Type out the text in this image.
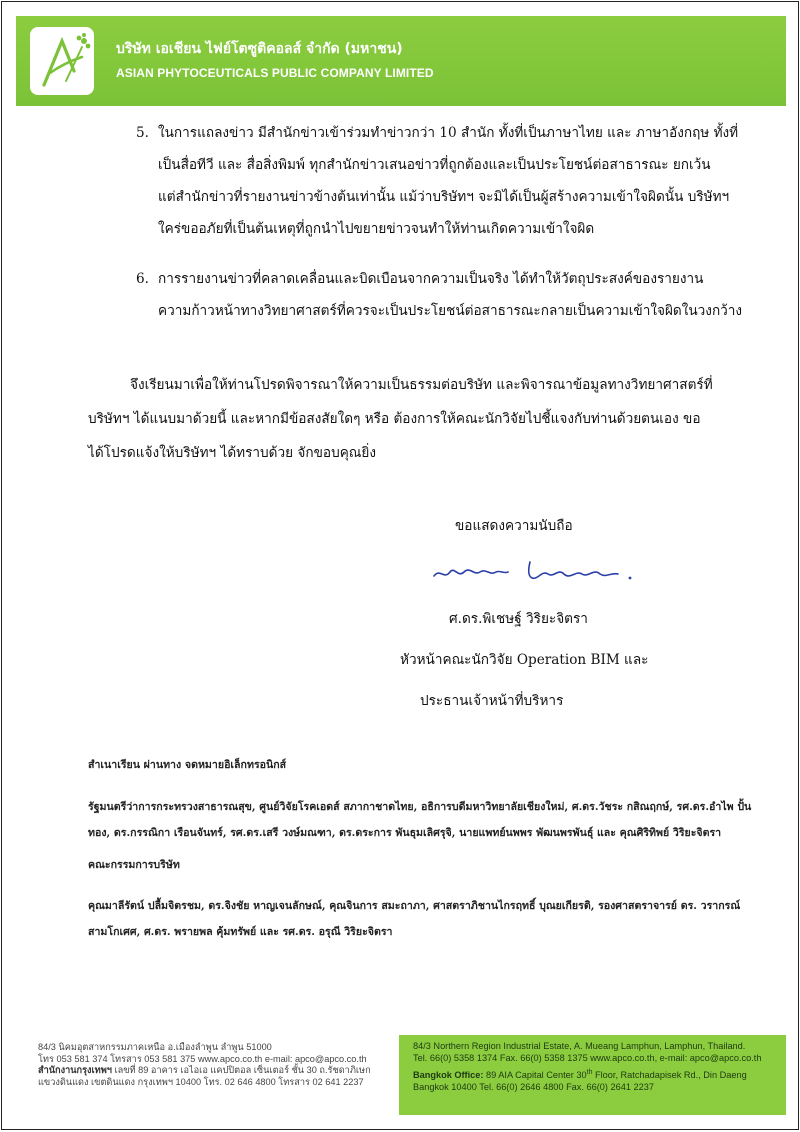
บริษัท เอเชียน ไฟย์โตซูติคอลส์ จำกัด (มหาชน)
ASIAN PHYTOCEUTICALS PUBLIC COMPANY LIMITED
5. ในการแถลงข่าว มีสำนักข่าวเข้าร่วมทำข่าวกว่า 10 สำนัก ทั้งที่เป็นภาษาไทย และ ภาษาอังกฤษ ทั้งที่
เป็นสื่อทีวี และ สื่อสิ่งพิมพ์ ทุกสำนักข่าวเสนอข่าวที่ถูกต้องและเป็นประโยชน์ต่อสาธารณะ ยกเว้น
แต่สำนักข่าวที่รายงานข่าวข้างต้นเท่านั้น แม้ว่าบริษัทฯ จะมิได้เป็นผู้สร้างความเข้าใจผิดนั้น บริษัทฯ
ใคร่ขออภัยที่เป็นต้นเหตุที่ถูกนำไปขยายข่าวจนทำให้ท่านเกิดความเข้าใจผิด
6. การรายงานข่าวที่คลาดเคลื่อนและบิดเบือนจากความเป็นจริง ได้ทำให้วัตถุประสงค์ของรายงาน
ความก้าวหน้าทางวิทยาศาสตร์ที่ควรจะเป็นประโยชน์ต่อสาธารณะกลายเป็นความเข้าใจผิดในวงกว้าง
จึงเรียนมาเพื่อให้ท่านโปรดพิจารณาให้ความเป็นธรรมต่อบริษัท และพิจารณาข้อมูลทางวิทยาศาสตร์ที่
บริษัทฯ ได้แนบมาด้วยนี้ และหากมีข้อสงสัยใดๆ หรือ ต้องการให้คณะนักวิจัยไปชี้แจงกับท่านด้วยตนเอง ขอ
ได้โปรดแจ้งให้บริษัทฯ ได้ทราบด้วย จักขอบคุณยิ่ง
ขอแสดงความนับถือ
ศ.ดร.พิเชษฐ์ วิริยะจิตรา
หัวหน้าคณะนักวิจัย Operation BIM และ
ประธานเจ้าหน้าที่บริหาร
สำเนาเรียน ผ่านทาง จดหมายอิเล็กทรอนิกส์
รัฐมนตรีว่าการกระทรวงสาธารณสุข, ศูนย์วิจัยโรคเอดส์ สภากาชาดไทย, อธิการบดีมหาวิทยาลัยเชียงใหม่, ศ.ดร.วัชระ กสิณฤกษ์, รศ.ดร.อำไพ ปั้น
ทอง, ดร.กรรณิกา เรือนจันทร์, รศ.ดร.เสรี วงษ์มณฑา, ดร.ดระการ พันธุมเลิศรุจิ, นายแพทย์นพพร พัฒนพรพันธุ์ และ คุณศิริทิพย์ วิริยะจิตรา
คณะกรรมการบริษัท
คุณมาลีรัตน์ ปลื้มจิตรชม, ดร.จิงชัย หาญเจนลักษณ์, คุณจินการ สมะถาภา, ศาสตราภิชานไกรฤทธิ์ บุณยเกียรติ, รองศาสตราจารย์ ดร. วรากรณ์
สามโกเศศ, ศ.ดร. พรายพล คุ้มทรัพย์ และ รศ.ดร. อรุณี วิริยะจิตรา
84/3 นิคมอุตสาหกรรมภาคเหนือ อ.เมืองลำพูน ลำพูน 51000
โทร 053 581 374 โทรสาร 053 581 375 www.apco.co.th e-mail: apco@apco.co.th
สำนักงานกรุงเทพฯ เลขที่ 89 อาคาร เอไอเอ แคปปิตอล เซ็นเตอร์ ชั้น 30 ถ.รัชดาภิเษก
แขวงดินแดง เขตดินแดง กรุงเทพฯ 10400 โทร. 02 646 4800 โทรสาร 02 641 2237
84/3 Northern Region Industrial Estate, A. Mueang Lamphun, Lamphun, Thailand.
Tel. 66(0) 5358 1374 Fax. 66(0) 5358 1375 www.apco.co.th, e-mail: apco@apco.co.th
Bangkok Office: 89 AIA Capital Center 30th Floor, Ratchadapisek Rd., Din Daeng
Bangkok 10400 Tel. 66(0) 2646 4800 Fax. 66(0) 2641 2237
